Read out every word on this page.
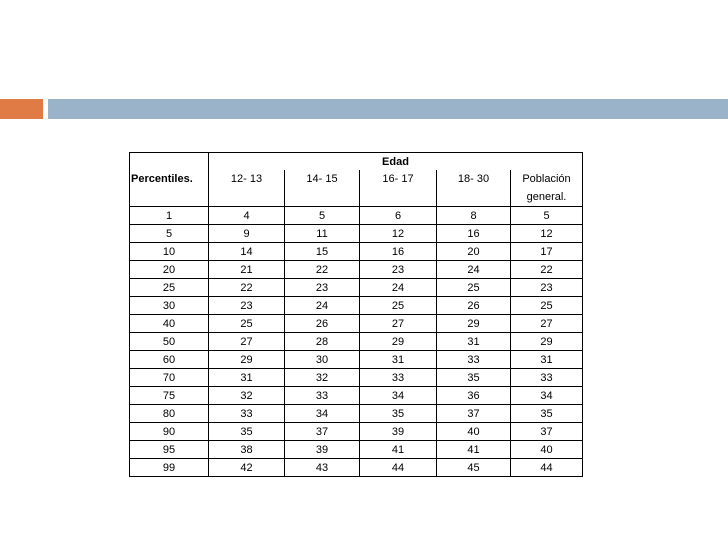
	Edad				
Percentiles.	12- 13	14- 15	16- 17	18- 30	Población
					general.
1	4	5	6	8	5
5	9	11	12	16	12
10	14	15	16	20	17
20	21	22	23	24	22
25	22	23	24	25	23
30	23	24	25	26	25
40	25	26	27	29	27
50	27	28	29	31	29
60	29	30	31	33	31
70	31	32	33	35	33
75	32	33	34	36	34
80	33	34	35	37	35
90	35	37	39	40	37
95	38	39	41	41	40
99	42	43	44	45	44
